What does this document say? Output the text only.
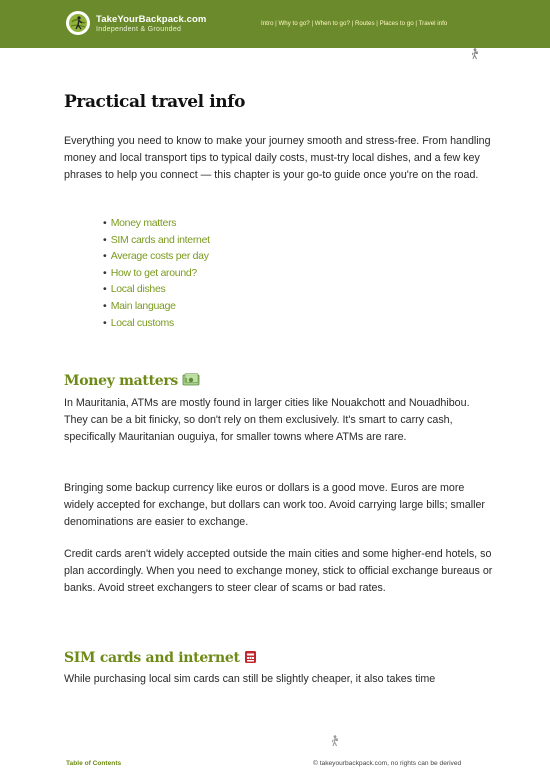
TakeYourBackpack.com
Independent & Grounded
Intro | Why to go? | When to go? | Routes | Places to go | Travel info
Practical travel info

Everything you need to know to make your journey smooth and stress-free. From handling money and local transport tips to typical daily costs, must-try local dishes, and a few key phrases to help you connect — this chapter is your go-to guide once you're on the road.

• Money matters
• SIM cards and internet
• Average costs per day
• How to get around?
• Local dishes
• Main language
• Local customs
Money matters

In Mauritania, ATMs are mostly found in larger cities like Nouakchott and Nouadhibou. They can be a bit finicky, so don't rely on them exclusively. It's smart to carry cash, specifically Mauritanian ouguiya, for smaller towns where ATMs are rare.

Bringing some backup currency like euros or dollars is a good move. Euros are more widely accepted for exchange, but dollars can work too. Avoid carrying large bills; smaller denominations are easier to exchange.

Credit cards aren't widely accepted outside the main cities and some higher-end hotels, so plan accordingly. When you need to exchange money, stick to official exchange bureaus or banks. Avoid street exchangers to steer clear of scams or bad rates.

SIM cards and internet

While purchasing local sim cards can still be slightly cheaper, it also takes time

Table of Contents	© takeyourbackpack.com, no rights can be derived
